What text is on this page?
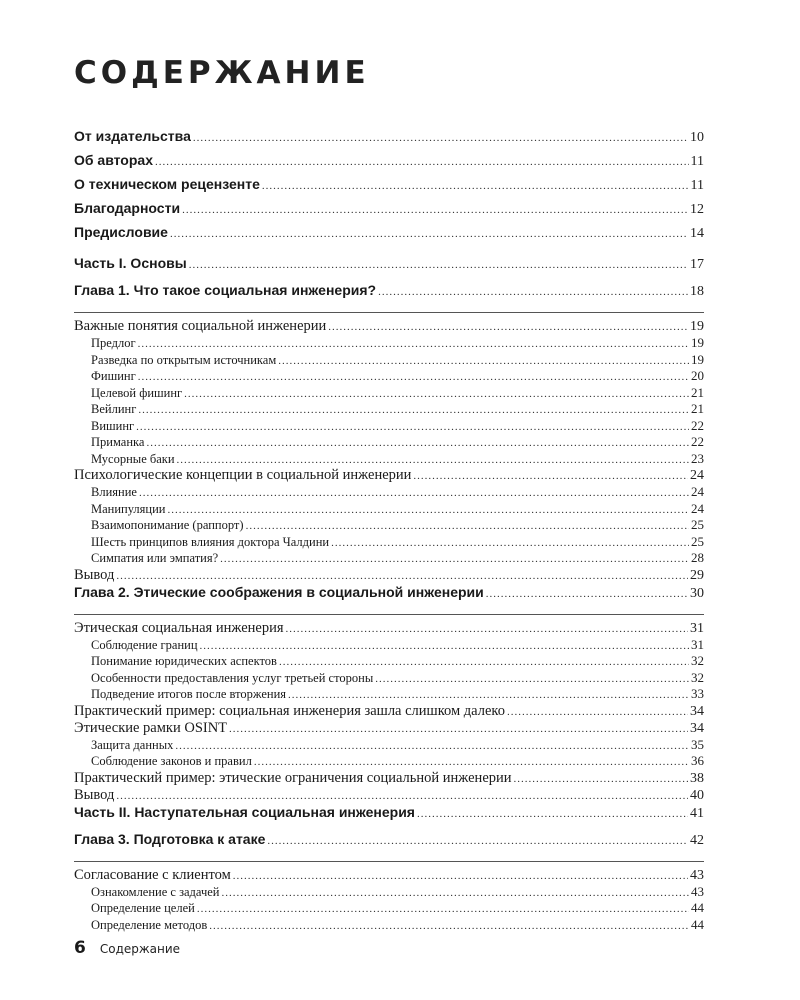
СОДЕРЖАНИЕ
От издательства .....	10
Об авторах .....	11
О техническом рецензенте .....	11
Благодарности .....	12
Предисловие .....	14
Часть I. Основы .....	17
Глава 1. Что такое социальная инженерия? .....	18
Важные понятия социальной инженерии .....	19
Предлог .....	19
Разведка по открытым источникам .....	19
Фишинг .....	20
Целевой фишинг .....	21
Вейлинг .....	21
Вишинг .....	22
Приманка .....	22
Мусорные баки .....	23
Психологические концепции в социальной инженерии .....	24
Влияние .....	24
Манипуляции .....	24
Взаимопонимание (раппорт) .....	25
Шесть принципов влияния доктора Чалдини .....	25
Симпатия или эмпатия? .....	28
Вывод .....	29
Глава 2. Этические соображения в социальной инженерии .....	30
Этическая социальная инженерия .....	31
Соблюдение границ .....	31
Понимание юридических аспектов .....	32
Особенности предоставления услуг третьей стороны .....	32
Подведение итогов после вторжения .....	33
Практический пример: социальная инженерия зашла слишком далеко .....	34
Этические рамки OSINT .....	34
Защита данных .....	35
Соблюдение законов и правил .....	36
Практический пример: этические ограничения социальной инженерии .....	38
Вывод .....	40
Часть II. Наступательная социальная инженерия .....	41
Глава 3. Подготовка к атаке .....	42
Согласование с клиентом .....	43
Ознакомление с задачей .....	43
Определение целей .....	44
Определение методов .....	44
6 Содержание
